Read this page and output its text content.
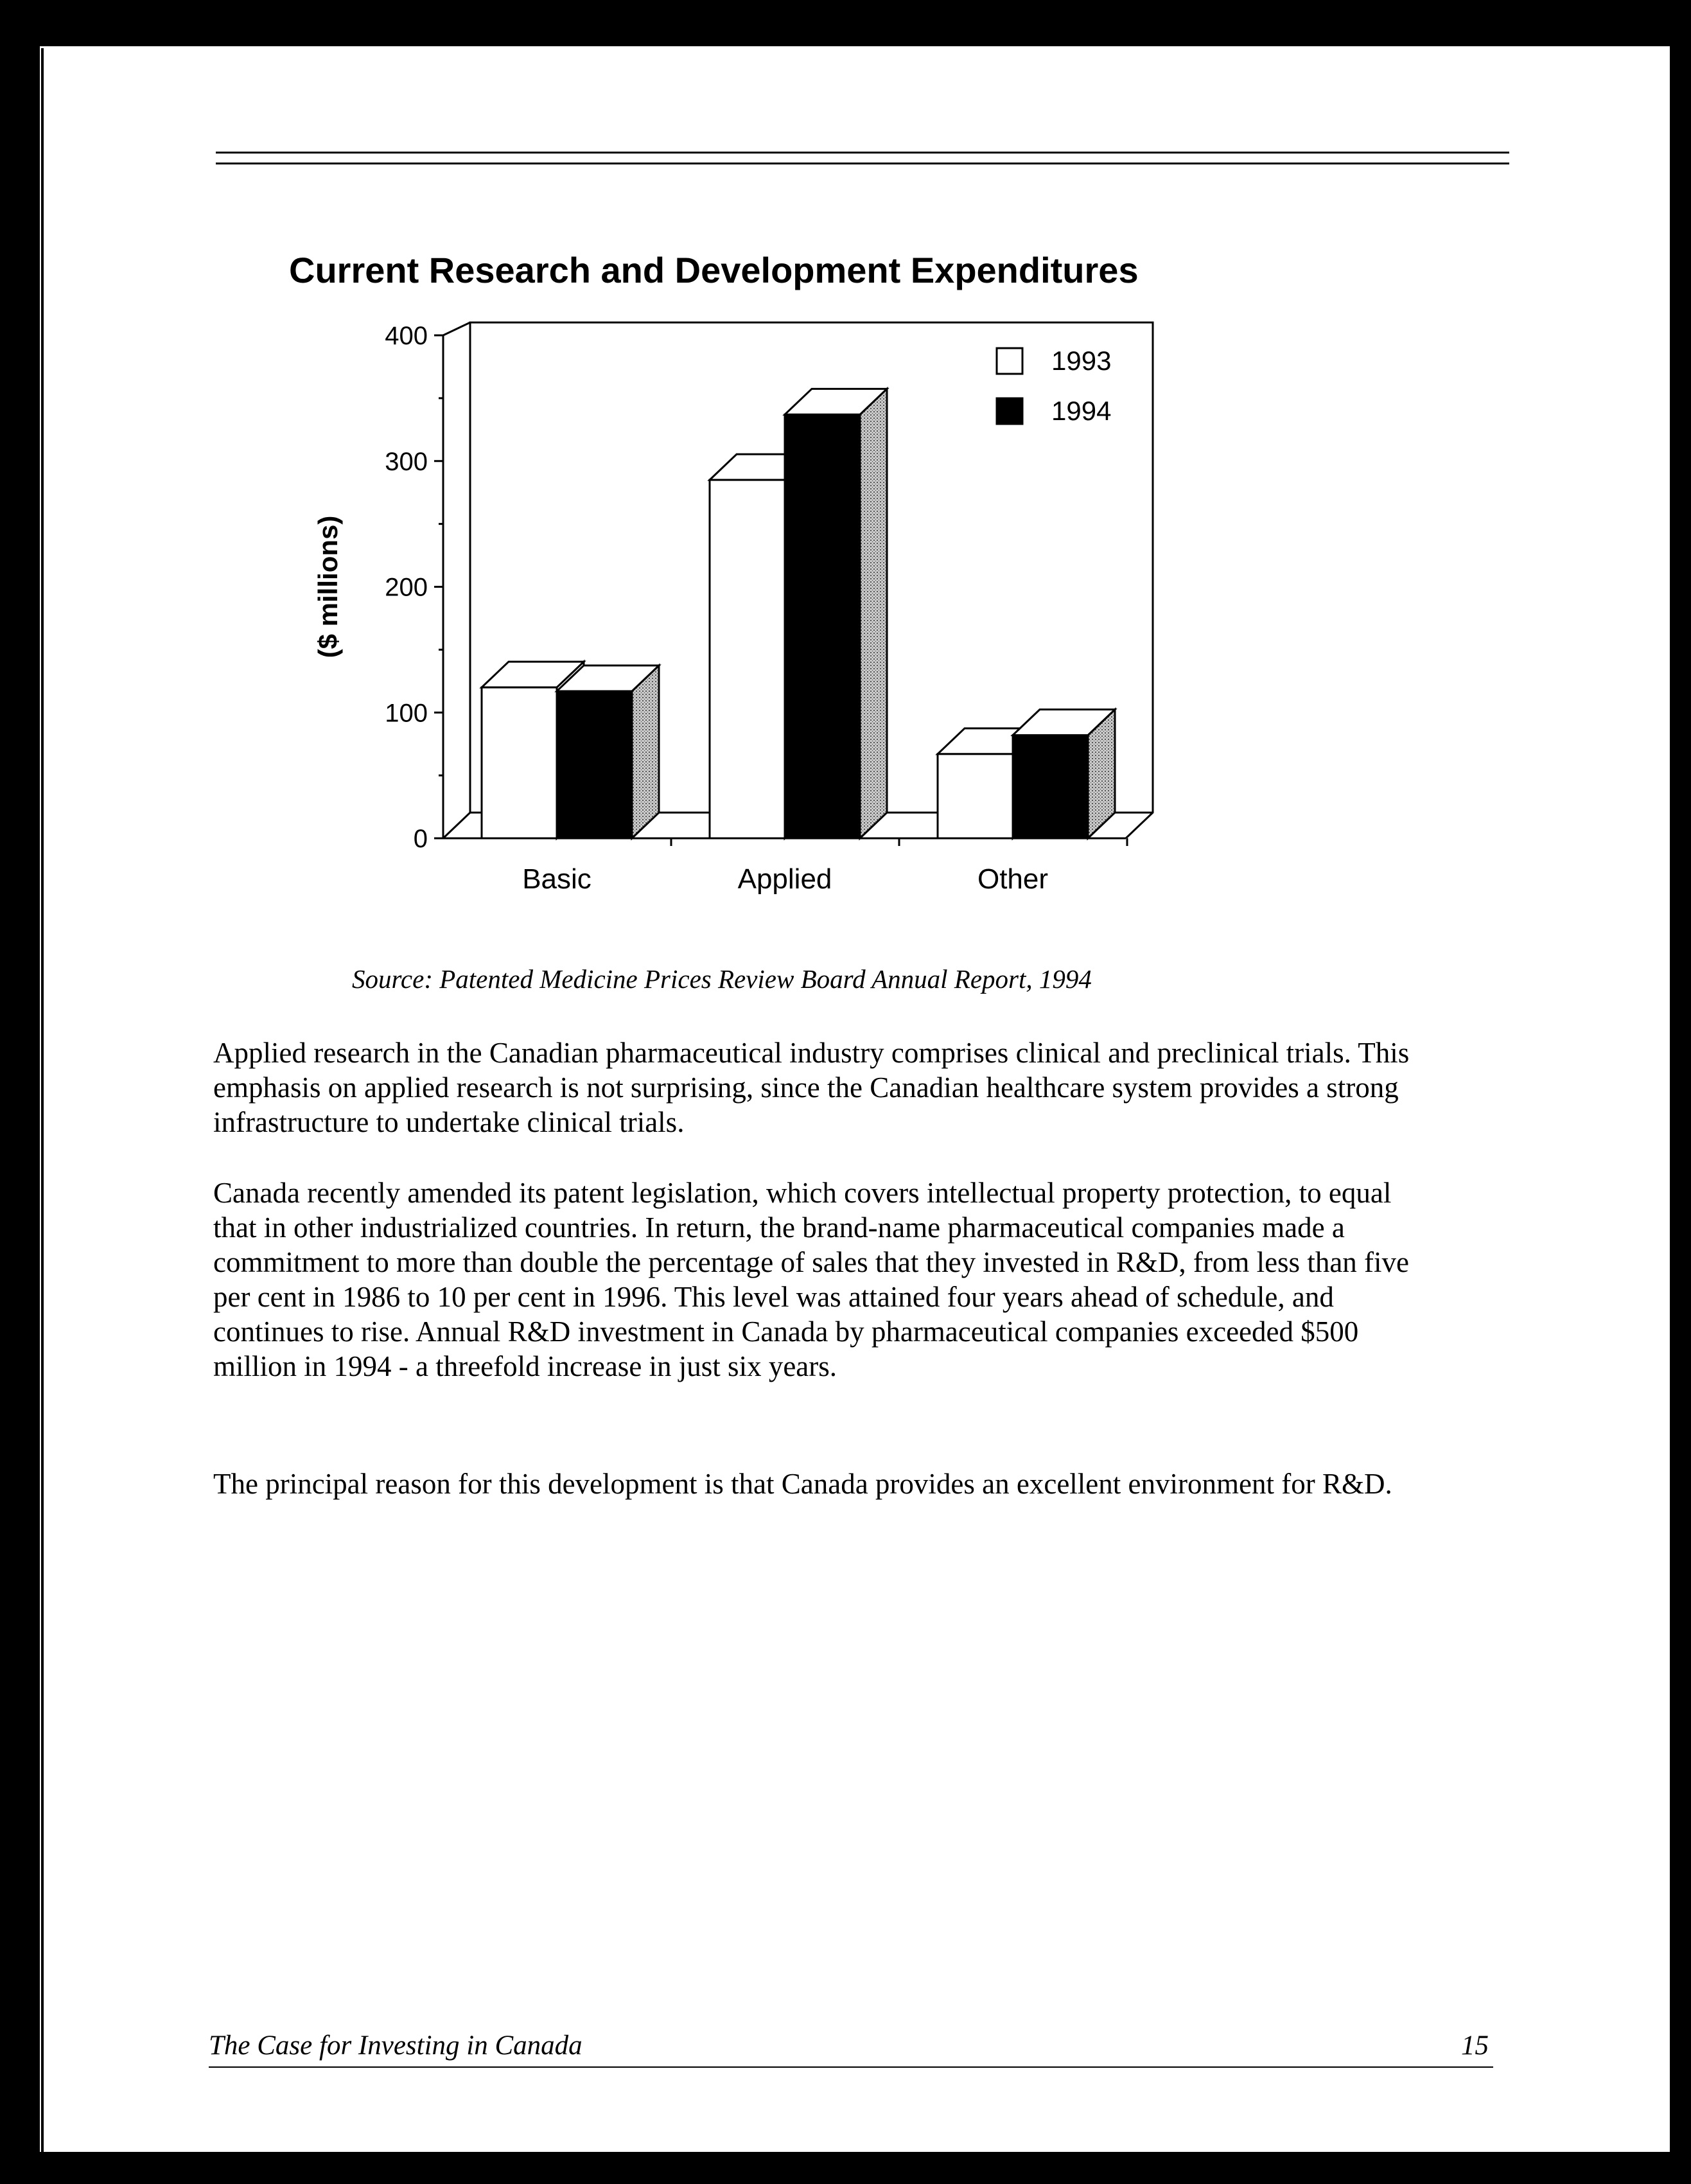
Current Research and Development Expenditures
0
100
200
300
400
($ millions)
Basic	Applied	Other
1993
1994
Source: Patented Medicine Prices Review Board Annual Report, 1994

Applied research in the Canadian pharmaceutical industry comprises clinical and preclinical trials. This emphasis on applied research is not surprising, since the Canadian healthcare system provides a strong infrastructure to undertake clinical trials.

Canada recently amended its patent legislation, which covers intellectual property protection, to equal that in other industrialized countries. In return, the brand-name pharmaceutical companies made a commitment to more than double the percentage of sales that they invested in R&D, from less than five per cent in 1986 to 10 per cent in 1996. This level was attained four years ahead of schedule, and continues to rise. Annual R&D investment in Canada by pharmaceutical companies exceeded $500 million in 1994 - a threefold increase in just six years.

The principal reason for this development is that Canada provides an excellent environment for R&D.

The Case for Investing in Canada	15
